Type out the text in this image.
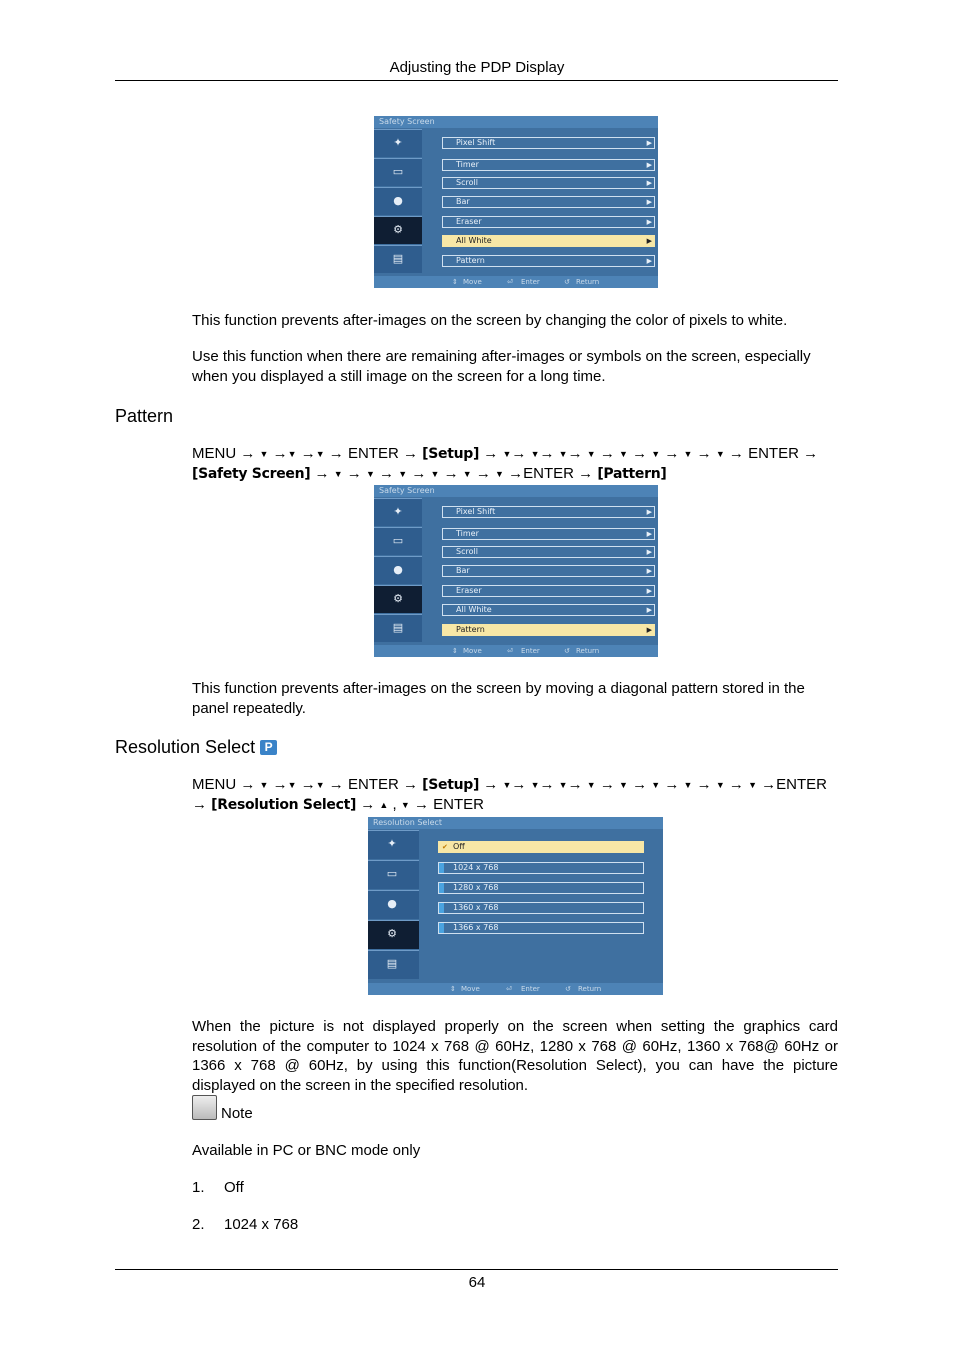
Adjusting the PDP Display
Safety Screen
✦
▭
●
⚙
▤
Pixel Shift	▶
Timer	▶
Scroll	▶
Bar	▶
Eraser	▶
All White	▶
Pattern	▶
⇕ Move	⏎ Enter	↺ Return
This function prevents after-images on the screen by changing the color of pixels to white.
Use this function when there are remaining after-images or symbols on the screen, especially when you displayed a still image on the screen for a long time.
Pattern
MENU → ▼ →▼ →▼ → ENTER → [Setup] → ▼→ ▼→ ▼→ ▼ → ▼ → ▼ → ▼ → ▼ → ENTER →
[Safety Screen] → ▼ → ▼ → ▼ → ▼ → ▼ → ▼ →ENTER → [Pattern]
Safety Screen
✦
▭
●
⚙
▤
Pixel Shift	▶
Timer	▶
Scroll	▶
Bar	▶
Eraser	▶
All White	▶
Pattern	▶
⇕ Move	⏎ Enter	↺ Return
This function prevents after-images on the screen by moving a diagonal pattern stored in the panel repeatedly.
Resolution Select P
MENU → ▼ →▼ →▼ → ENTER → [Setup] → ▼→ ▼→ ▼→ ▼ → ▼ → ▼ → ▼ → ▼ → ▼ →ENTER
→ [Resolution Select] → ▲ , ▼ → ENTER
Resolution Select
✦
▭
●
⚙
▤
✔ Off
1024 x 768
1280 x 768
1360 x 768
1366 x 768
⇕ Move	⏎ Enter	↺ Return
When the picture is not displayed properly on the screen when setting the graphics card resolution of the computer to 1024 x 768 @ 60Hz, 1280 x 768 @ 60Hz, 1360 x 768@ 60Hz or 1366 x 768 @ 60Hz, by using this function(Resolution Select), you can have the picture displayed on the screen in the specified resolution.
Note
Available in PC or BNC mode only
1. Off
2. 1024 x 768
64
